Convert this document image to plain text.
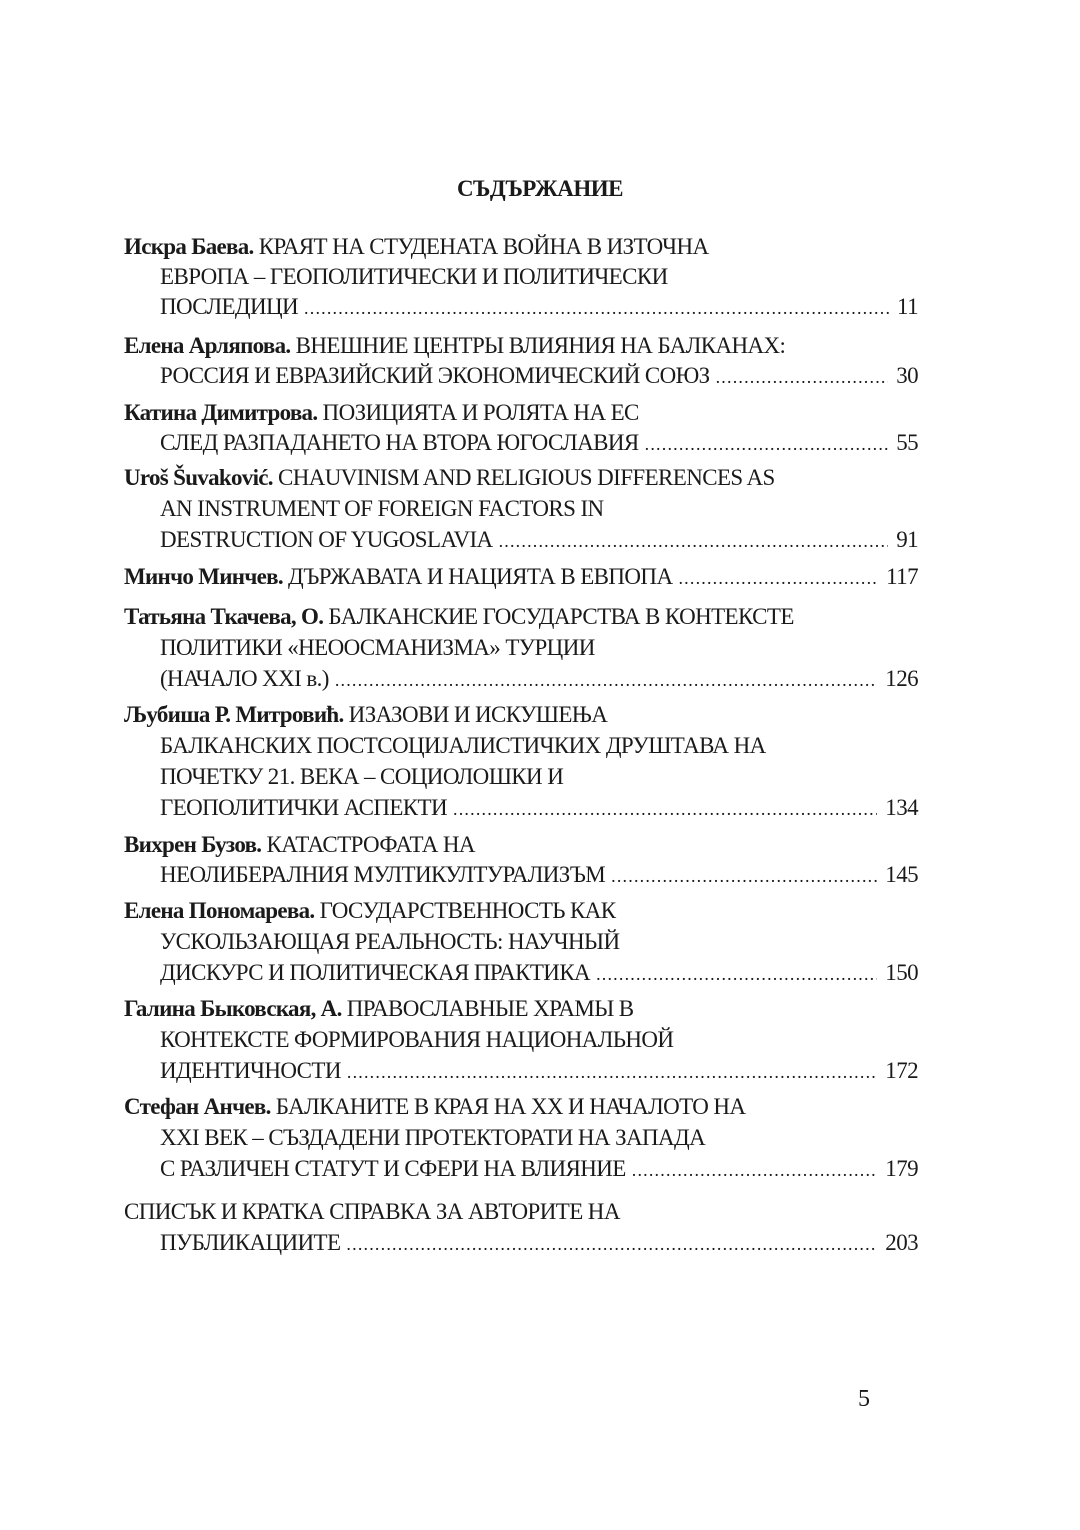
СЪДЪРЖАНИЕ
Искра Баева. КРАЯТ НА СТУДЕНАТА ВОЙНА В ИЗТОЧНА
ЕВРОПА – ГЕОПОЛИТИЧЕСКИ И ПОЛИТИЧЕСКИ
ПОСЛЕДИЦИ .....	11
Елена Арляпова. ВНЕШНИЕ ЦЕНТРЫ ВЛИЯНИЯ НА БАЛКАНАХ:
РОССИЯ И ЕВРАЗИЙСКИЙ ЭКОНОМИЧЕСКИЙ СОЮЗ .....	30
Катина Димитрова. ПОЗИЦИЯТА И РОЛЯТА НА ЕС
СЛЕД РАЗПАДАНЕТО НА ВТОРА ЮГОСЛАВИЯ .....	55
Uroš Šuvaković. CHAUVINISM AND RELIGIOUS DIFFERENCES AS
AN INSTRUMENT OF FOREIGN FACTORS IN
DESTRUCTION OF YUGOSLAVIA .....	91
Минчо Минчев. ДЪРЖАВАТА И НАЦИЯТА В ЕВПОПА .....	117
Татьяна Ткачева, О. БАЛКАНСКИЕ ГОСУДАРСТВА В КОНТЕКСТЕ
ПОЛИТИКИ «НЕООСМАНИЗМА» ТУРЦИИ
(НАЧАЛО XXI в.) .....	126
Љубиша Р. Митровић. ИЗАЗОВИ И ИСКУШЕЊА
БАЛКАНСКИХ ПОСТСОЦИЈАЛИСТИЧКИХ ДРУШТАВА НА
ПОЧЕТКУ 21. ВЕКА – СОЦИОЛОШКИ И
ГЕОПОЛИТИЧКИ АСПЕКТИ .....	134
Вихрен Бузов. КАТАСТРОФАТА НА
НЕОЛИБЕРАЛНИЯ МУЛТИКУЛТУРАЛИЗЪМ .....	145
Елена Пономарева. ГОСУДАРСТВЕННОСТЬ КАК
УСКОЛЬЗАЮЩАЯ РЕАЛЬНОСТЬ: НАУЧНЫЙ
ДИСКУРС И ПОЛИТИЧЕСКАЯ ПРАКТИКА .....	150
Галина Быковская, А. ПРАВОСЛАВНЫЕ ХРАМЫ В
КОНТЕКСТЕ ФОРМИРОВАНИЯ НАЦИОНАЛЬНОЙ
ИДЕНТИЧНОСТИ .....	172
Стефан Анчев. БАЛКАНИТЕ В КРАЯ НА XX И НАЧАЛОТО НА
XXI ВЕК – СЪЗДАДЕНИ ПРОТЕКТОРАТИ НА ЗАПАДА
С РАЗЛИЧЕН СТАТУТ И СФЕРИ НА ВЛИЯНИЕ .....	179
СПИСЪК И КРАТКА СПРАВКА ЗА АВТОРИТЕ НА
ПУБЛИКАЦИИТЕ .....	203
5
